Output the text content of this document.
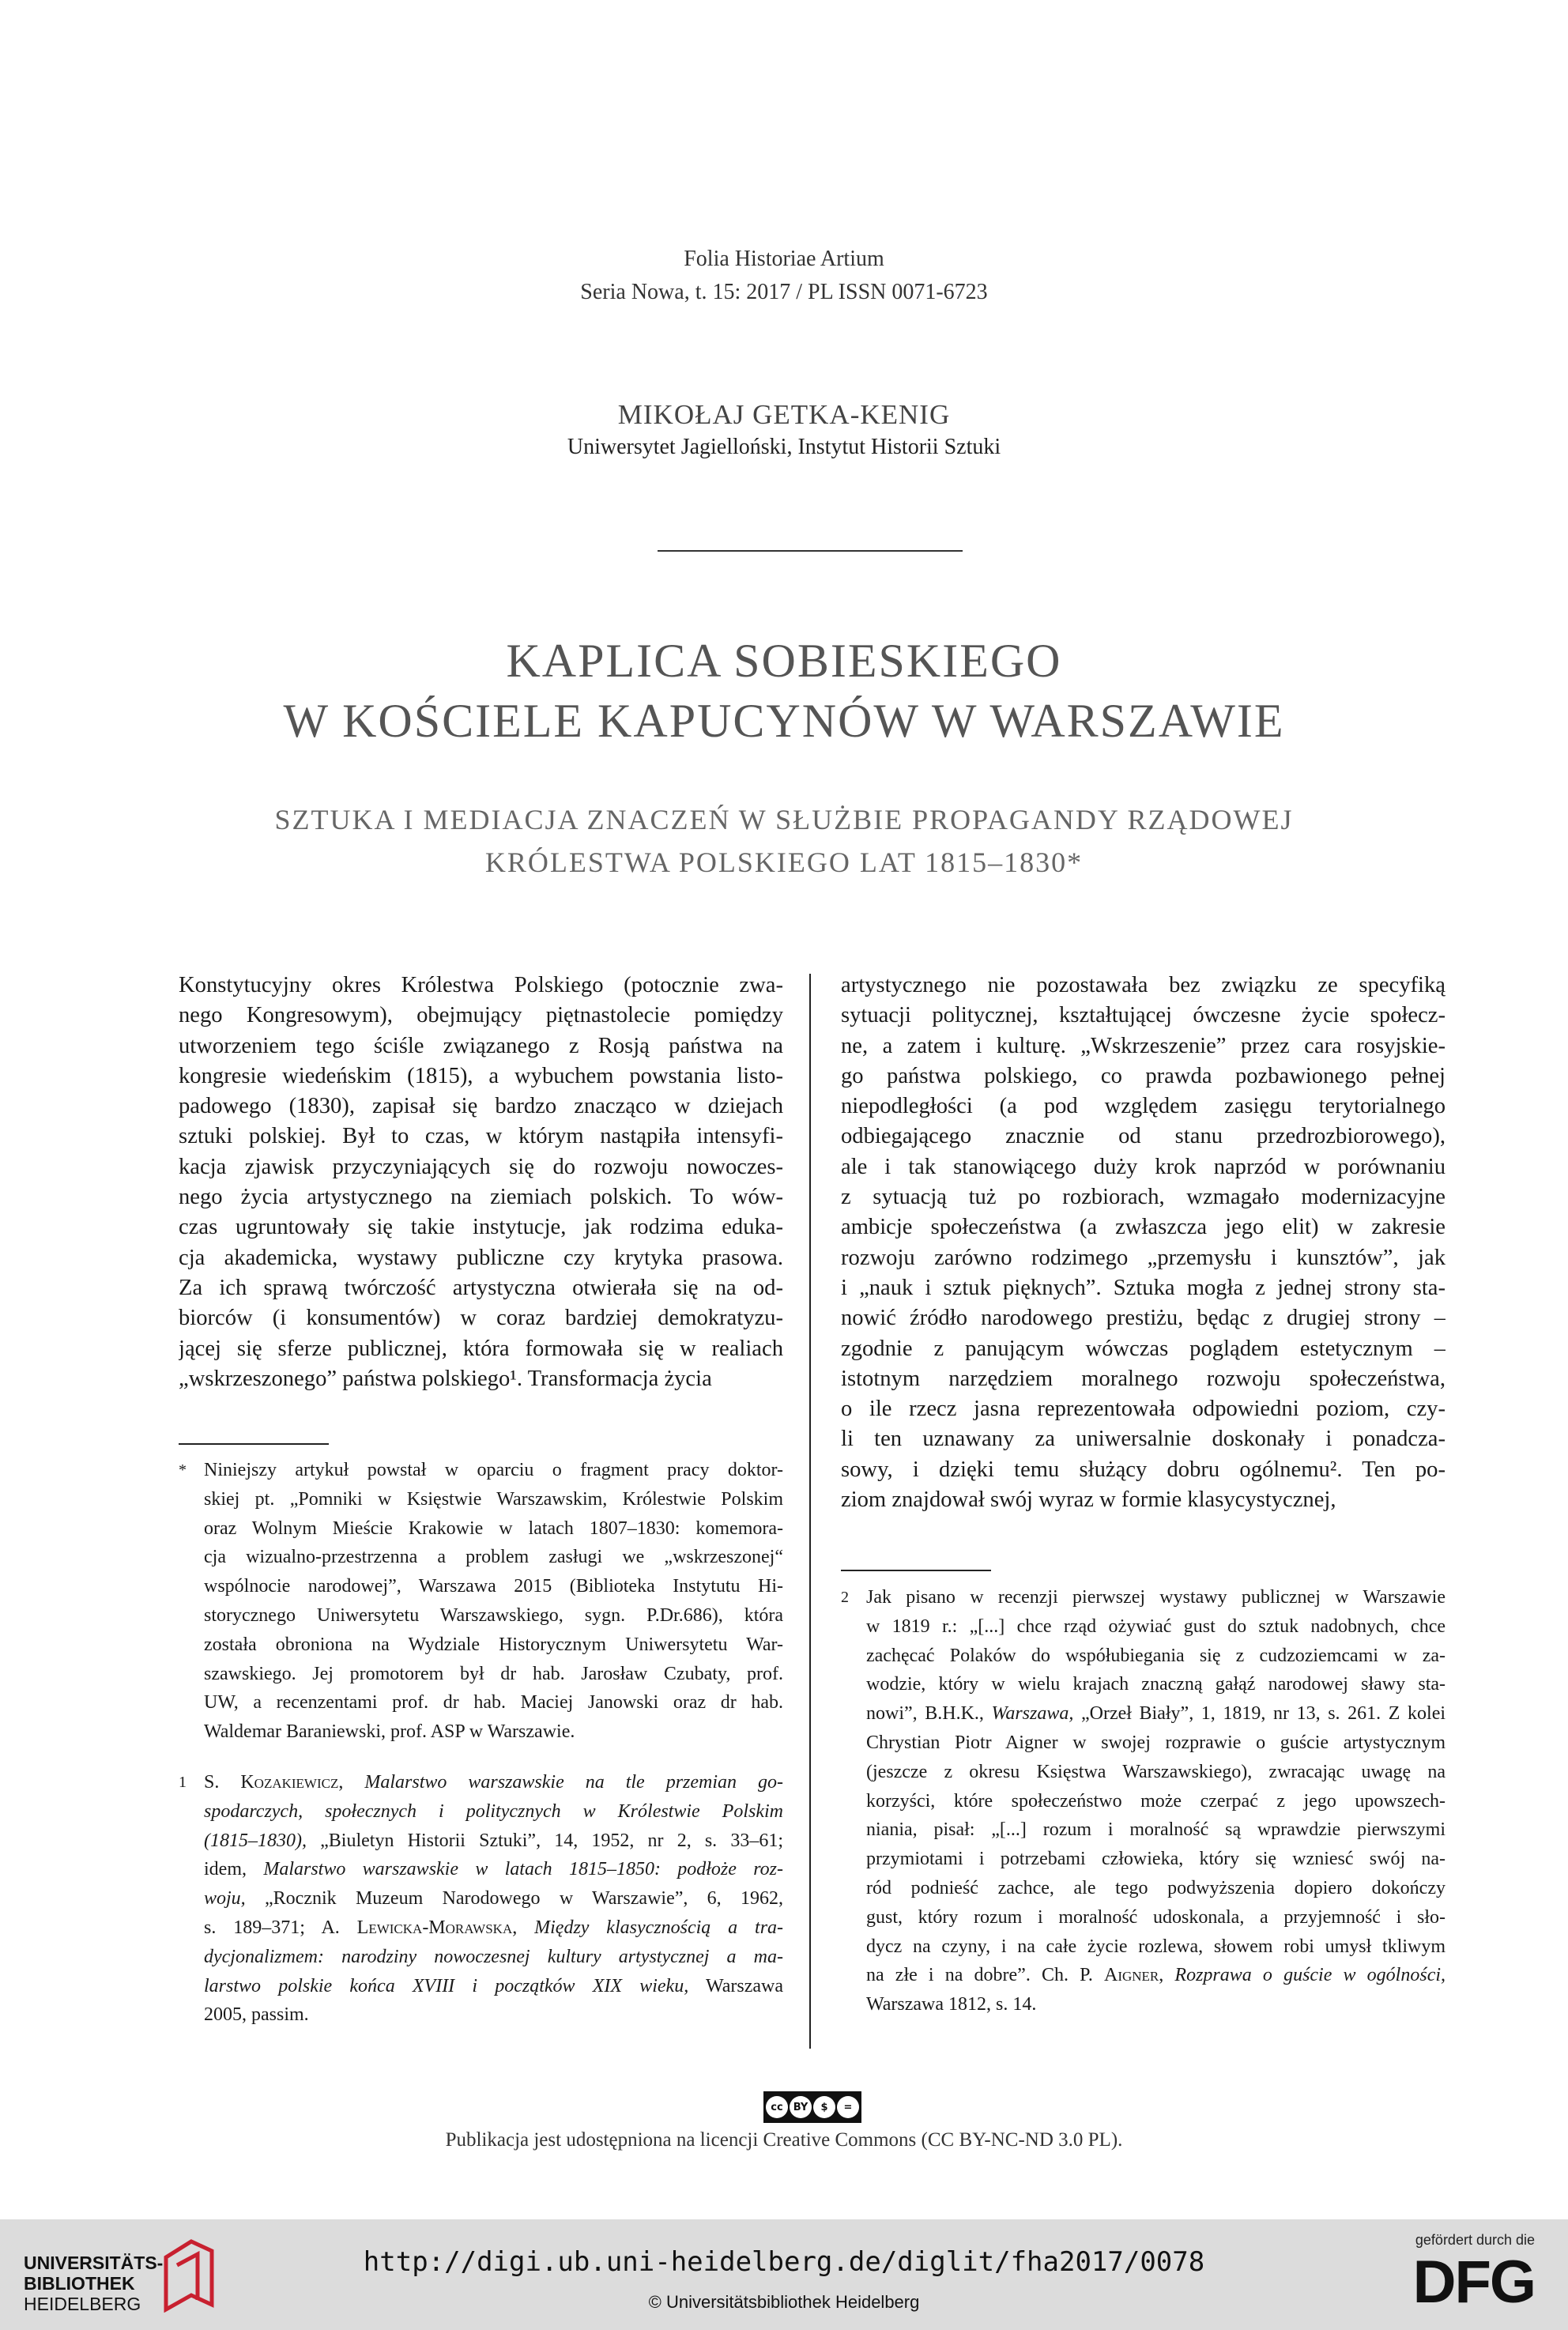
Folia Historiae Artium
Seria Nowa, t. 15: 2017 / PL ISSN 0071-6723
MIKOŁAJ GETKA-KENIG
Uniwersytet Jagielloński, Instytut Historii Sztuki
KAPLICA SOBIESKIEGO
W KOŚCIELE KAPUCYNÓW W WARSZAWIE
SZTUKA I MEDIACJA ZNACZEŃ W SŁUŻBIE PROPAGANDY RZĄDOWEJ
KRÓLESTWA POLSKIEGO LAT 1815–1830*

Konstytucyjny okres Królestwa Polskiego (potocznie zwa-

nego Kongresowym), obejmujący piętnastolecie pomiędzy

utworzeniem tego ściśle związanego z Rosją państwa na

kongresie wiedeńskim (1815), a wybuchem powstania listo-

padowego (1830), zapisał się bardzo znacząco w dziejach

sztuki polskiej. Był to czas, w którym nastąpiła intensyfi-

kacja zjawisk przyczyniających się do rozwoju nowoczes-

nego życia artystycznego na ziemiach polskich. To wów-

czas ugruntowały się takie instytucje, jak rodzima eduka-

cja akademicka, wystawy publiczne czy krytyka prasowa.

Za ich sprawą twórczość artystyczna otwierała się na od-

biorców (i konsumentów) w coraz bardziej demokratyzu-

jącej się sferze publicznej, która formowała się w realiach

„wskrzeszonego” państwa polskiego¹. Transformacja życia

artystycznego nie pozostawała bez związku ze specyfiką

sytuacji politycznej, kształtującej ówczesne życie społecz-

ne, a zatem i kulturę. „Wskrzeszenie” przez cara rosyjskie-

go państwa polskiego, co prawda pozbawionego pełnej

niepodległości (a pod względem zasięgu terytorialnego

odbiegającego znacznie od stanu przedrozbiorowego),

ale i tak stanowiącego duży krok naprzód w porównaniu

z sytuacją tuż po rozbiorach, wzmagało modernizacyjne

ambicje społeczeństwa (a zwłaszcza jego elit) w zakresie

rozwoju zarówno rodzimego „przemysłu i kunsztów”, jak

i „nauk i sztuk pięknych”. Sztuka mogła z jednej strony sta-

nowić źródło narodowego prestiżu, będąc z drugiej strony –

zgodnie z panującym wówczas poglądem estetycznym –

istotnym narzędziem moralnego rozwoju społeczeństwa,

o ile rzecz jasna reprezentowała odpowiedni poziom, czy-

li ten uznawany za uniwersalnie doskonały i ponadcza-

sowy, i dzięki temu służący dobru ogólnemu². Ten po-

ziom znajdował swój wyraz w formie klasycystycznej,

* Niniejszy artykuł powstał w oparciu o fragment pracy doktor-

skiej pt. „Pomniki w Księstwie Warszawskim, Królestwie Polskim

oraz Wolnym Mieście Krakowie w latach 1807–1830: komemora-

cja wizualno-przestrzenna a problem zasługi we „wskrzeszonej“

wspólnocie narodowej”, Warszawa 2015 (Biblioteka Instytutu Hi-

storycznego Uniwersytetu Warszawskiego, sygn. P.Dr.686), która

została obroniona na Wydziale Historycznym Uniwersytetu War-

szawskiego. Jej promotorem był dr hab. Jarosław Czubaty, prof.

UW, a recenzentami prof. dr hab. Maciej Janowski oraz dr hab.

Waldemar Baraniewski, prof. ASP w Warszawie.

1 S. Kozakiewicz, Malarstwo warszawskie na tle przemian go-

spodarczych, społecznych i politycznych w Królestwie Polskim

(1815–1830), „Biuletyn Historii Sztuki”, 14, 1952, nr 2, s. 33–61;

idem, Malarstwo warszawskie w latach 1815–1850: podłoże roz-

woju, „Rocznik Muzeum Narodowego w Warszawie”, 6, 1962,

s. 189–371; A. Lewicka-Morawska, Między klasycznością a tra-

dycjonalizmem: narodziny nowoczesnej kultury artystycznej a ma-

larstwo polskie końca XVIII i początków XIX wieku, Warszawa

2005, passim.

2 Jak pisano w recenzji pierwszej wystawy publicznej w Warszawie

w 1819 r.: „[...] chce rząd ożywiać gust do sztuk nadobnych, chce

zachęcać Polaków do współubiegania się z cudzoziemcami w za-

wodzie, który w wielu krajach znaczną gałąź narodowej sławy sta-

nowi”, B.H.K., Warszawa, „Orzeł Biały”, 1, 1819, nr 13, s. 261. Z kolei

Chrystian Piotr Aigner w swojej rozprawie o guście artystycznym

(jeszcze z okresu Księstwa Warszawskiego), zwracając uwagę na

korzyści, które społeczeństwo może czerpać z jego upowszech-

niania, pisał: „[...] rozum i moralność są wprawdzie pierwszymi

przymiotami i potrzebami człowieka, który się wzniesć swój na-

ród podnieść zachce, ale tego podwyższenia dopiero dokończy

gust, który rozum i moralność udoskonala, a przyjemność i sło-

dycz na czyny, i na całe życie rozlewa, słowem robi umysł tkliwym

na złe i na dobre”. Ch. P. Aigner, Rozprawa o guście w ogólności,

Warszawa 1812, s. 14.

cc BY	$	=
Publikacja jest udostępniona na licencji Creative Commons (CC BY-NC-ND 3.0 PL).
UNIVERSITÄTS-
BIBLIOTHEK
HEIDELBERG
http://digi.ub.uni-heidelberg.de/diglit/fha2017/0078
© Universitätsbibliothek Heidelberg
gefördert durch die
DFG
